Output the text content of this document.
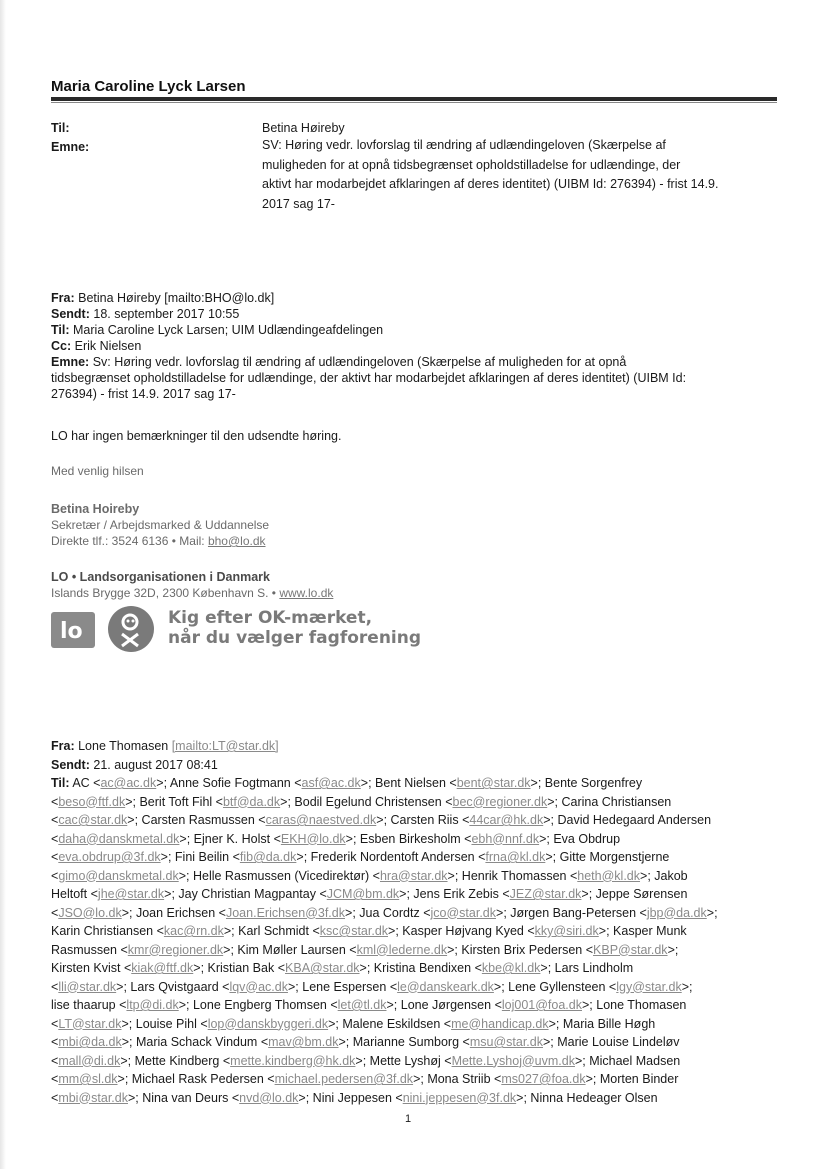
Maria Caroline Lyck Larsen
Til:	Betina Høireby
Emne:	SV: Høring vedr. lovforslag til ændring af udlændingeloven (Skærpelse af
muligheden for at opnå tidsbegrænset opholdstilladelse for udlændinge, der
aktivt har modarbejdet afklaringen af deres identitet) (UIBM Id: 276394) - frist 14.9.
2017 sag 17-
Fra: Betina Høireby [mailto:BHO@lo.dk]
Sendt: 18. september 2017 10:55
Til: Maria Caroline Lyck Larsen; UIM Udlændingeafdelingen
Cc: Erik Nielsen
Emne: Sv: Høring vedr. lovforslag til ændring af udlændingeloven (Skærpelse af muligheden for at opnå
tidsbegrænset opholdstilladelse for udlændinge, der aktivt har modarbejdet afklaringen af deres identitet) (UIBM Id:
276394) - frist 14.9. 2017 sag 17-
LO har ingen bemærkninger til den udsendte høring.
Med venlig hilsen
Betina Hoireby
Sekretær / Arbejdsmarked & Uddannelse
Direkte tlf.: 3524 6136 • Mail: bho@lo.dk
LO • Landsorganisationen i Danmark
Islands Brygge 32D, 2300 København S. • www.lo.dk
lo
Kig efter OK-mærket,
når du vælger fagforening
Fra: Lone Thomasen [mailto:LT@star.dk]
Sendt: 21. august 2017 08:41
Til: AC <ac@ac.dk>; Anne Sofie Fogtmann <asf@ac.dk>; Bent Nielsen <bent@star.dk>; Bente Sorgenfrey
<beso@ftf.dk>; Berit Toft Fihl <btf@da.dk>; Bodil Egelund Christensen <bec@regioner.dk>; Carina Christiansen
<cac@star.dk>; Carsten Rasmussen <caras@naestved.dk>; Carsten Riis <44car@hk.dk>; David Hedegaard Andersen
<daha@danskmetal.dk>; Ejner K. Holst <EKH@lo.dk>; Esben Birkesholm <ebh@nnf.dk>; Eva Obdrup
<eva.obdrup@3f.dk>; Fini Beilin <fib@da.dk>; Frederik Nordentoft Andersen <frna@kl.dk>; Gitte Morgenstjerne
<gimo@danskmetal.dk>; Helle Rasmussen (Vicedirektør) <hra@star.dk>; Henrik Thomassen <heth@kl.dk>; Jakob
Heltoft <jhe@star.dk>; Jay Christian Magpantay <JCM@bm.dk>; Jens Erik Zebis <JEZ@star.dk>; Jeppe Sørensen
<JSO@lo.dk>; Joan Erichsen <Joan.Erichsen@3f.dk>; Jua Cordtz <jco@star.dk>; Jørgen Bang-Petersen <jbp@da.dk>;
Karin Christiansen <kac@rn.dk>; Karl Schmidt <ksc@star.dk>; Kasper Højvang Kyed <kky@siri.dk>; Kasper Munk
Rasmussen <kmr@regioner.dk>; Kim Møller Laursen <kml@lederne.dk>; Kirsten Brix Pedersen <KBP@star.dk>;
Kirsten Kvist <kiak@ftf.dk>; Kristian Bak <KBA@star.dk>; Kristina Bendixen <kbe@kl.dk>; Lars Lindholm
<lli@star.dk>; Lars Qvistgaard <lqv@ac.dk>; Lene Espersen <le@danskeark.dk>; Lene Gyllensteen <lgy@star.dk>;
lise thaarup <ltp@di.dk>; Lone Engberg Thomsen <let@tl.dk>; Lone Jørgensen <loj001@foa.dk>; Lone Thomasen
<LT@star.dk>; Louise Pihl <lop@danskbyggeri.dk>; Malene Eskildsen <me@handicap.dk>; Maria Bille Høgh
<mbi@da.dk>; Maria Schack Vindum <mav@bm.dk>; Marianne Sumborg <msu@star.dk>; Marie Louise Lindeløv
<mall@di.dk>; Mette Kindberg <mette.kindberg@hk.dk>; Mette Lyshøj <Mette.Lyshoj@uvm.dk>; Michael Madsen
<mm@sl.dk>; Michael Rask Pedersen <michael.pedersen@3f.dk>; Mona Striib <ms027@foa.dk>; Morten Binder
<mbi@star.dk>; Nina van Deurs <nvd@lo.dk>; Nini Jeppesen <nini.jeppesen@3f.dk>; Ninna Hedeager Olsen
1
